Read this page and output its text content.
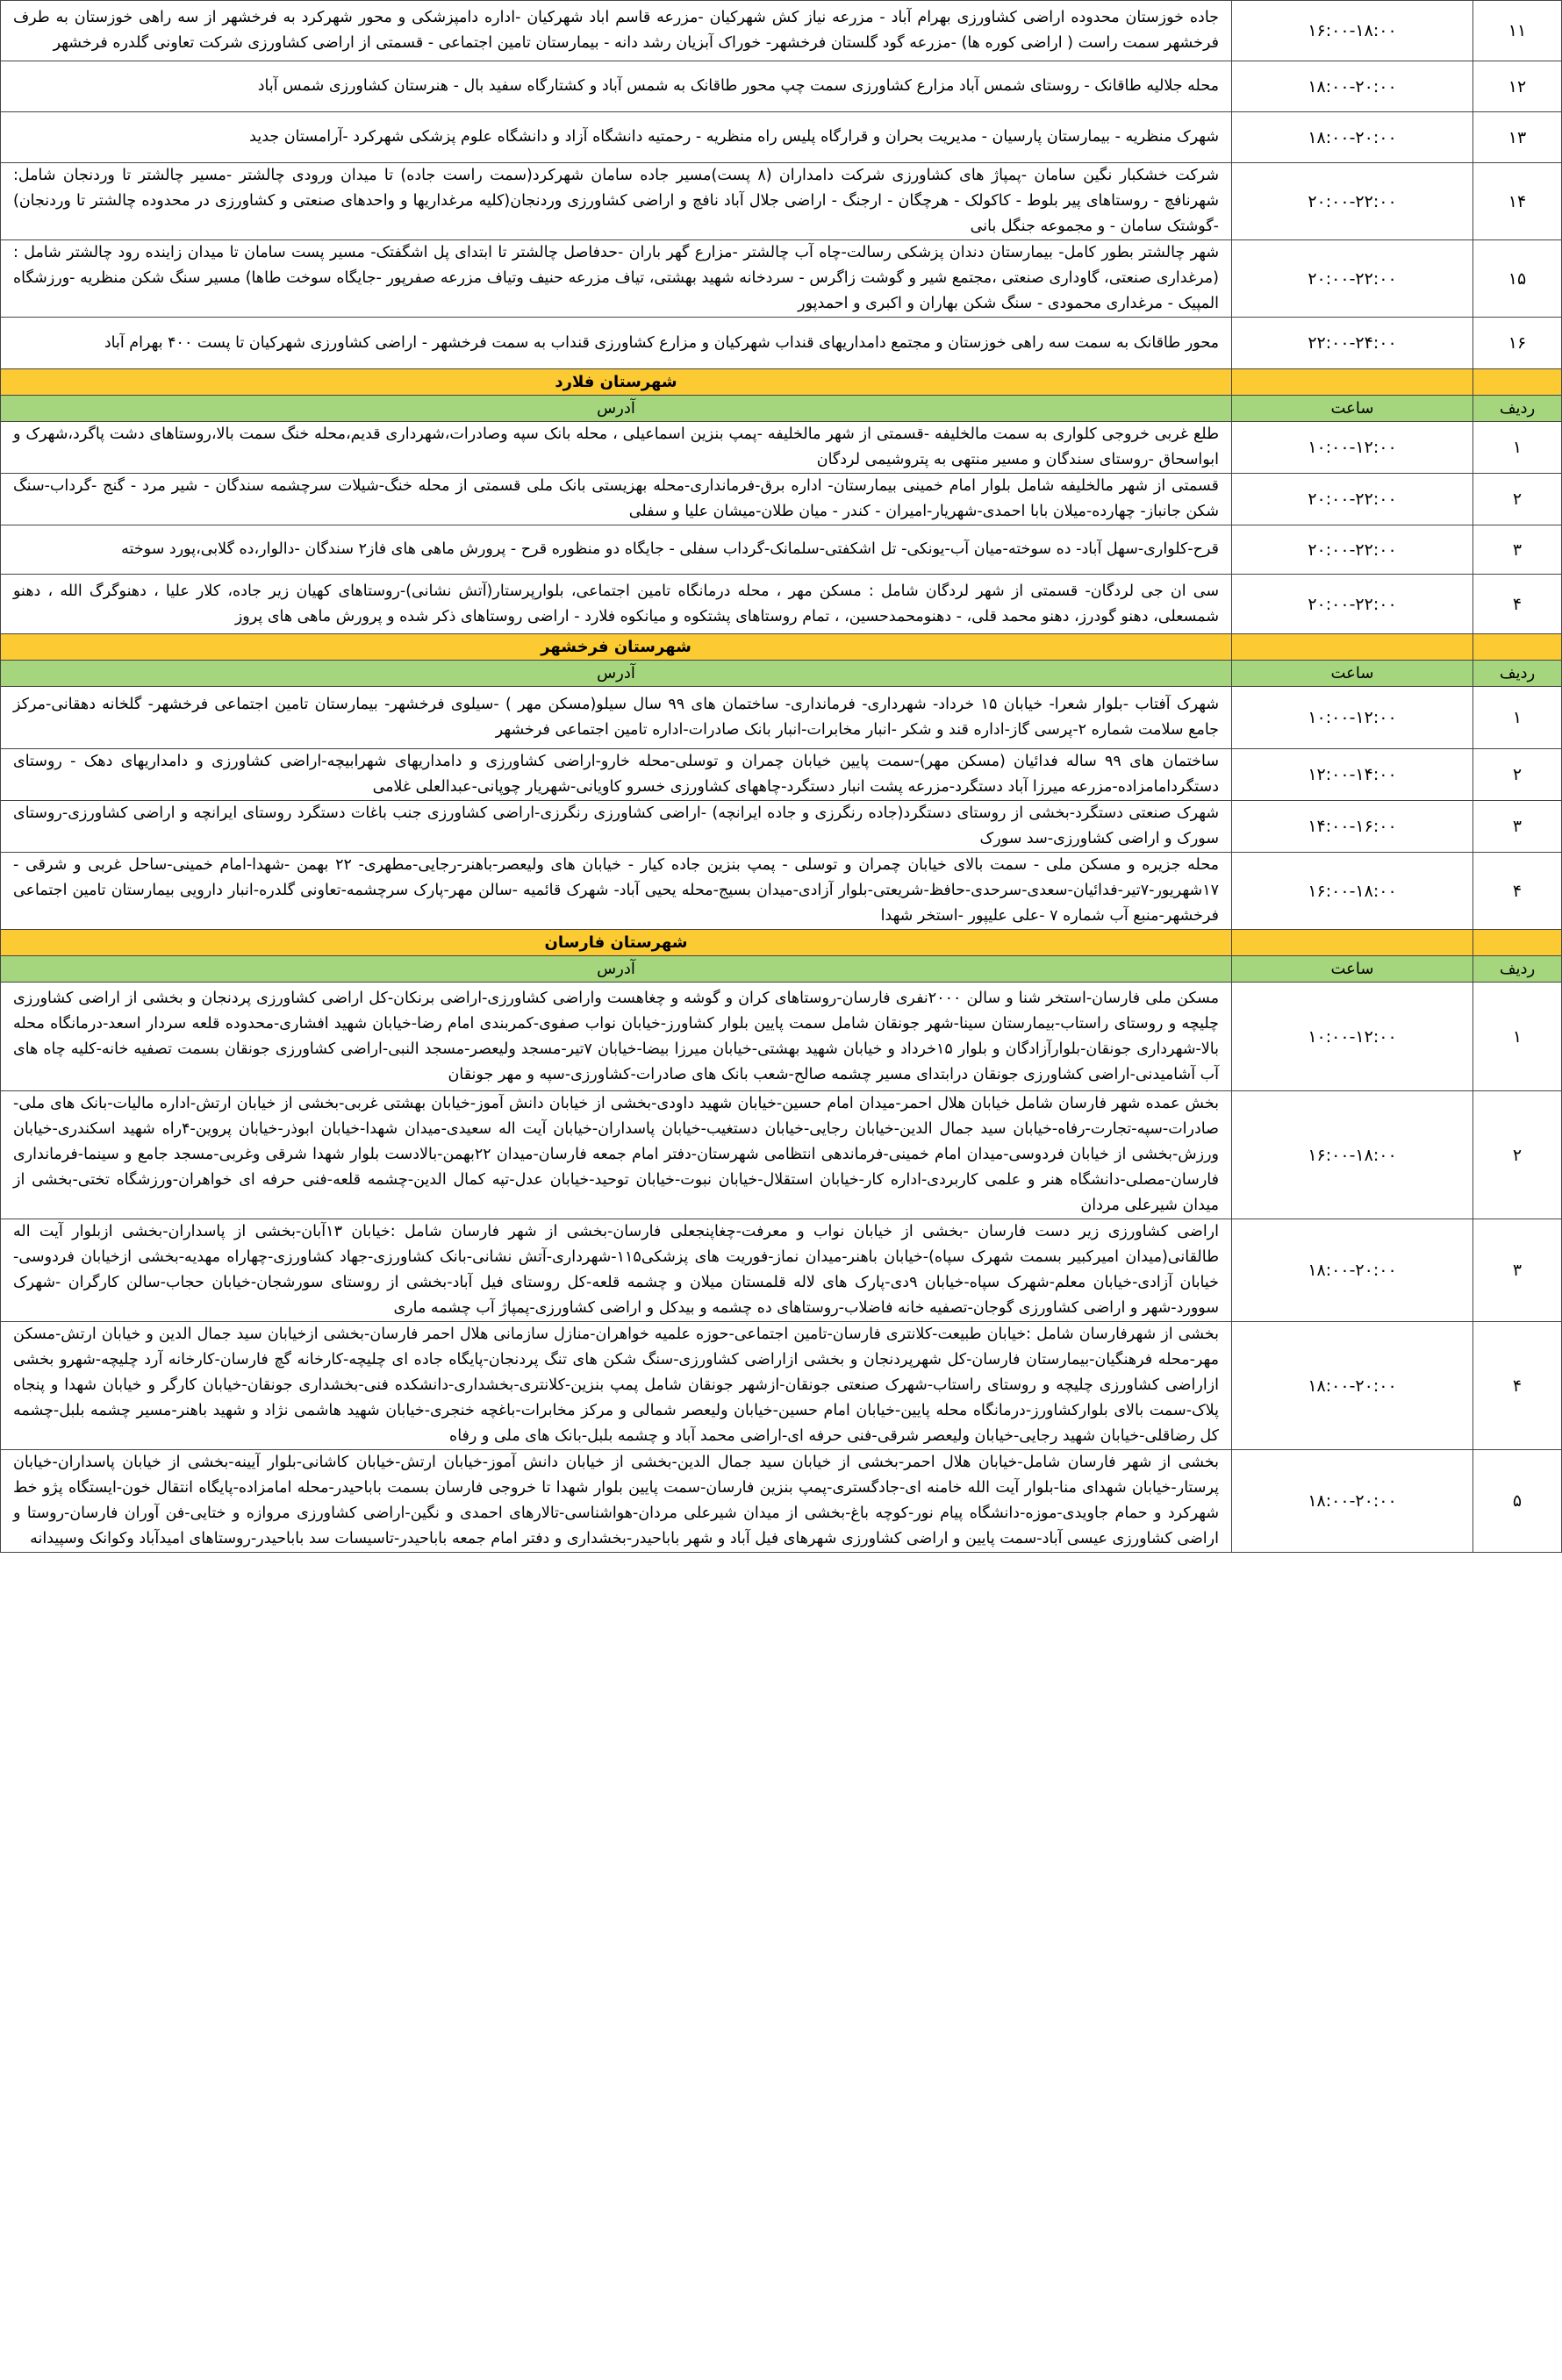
۱۱	۱۶:۰۰-۱۸:۰۰	جاده خوزستان محدوده اراضی کشاورزی بهرام آباد - مزرعه نیاز کش شهرکیان -مزرعه قاسم اباد شهرکیان -اداره دامپزشکی و محور شهرکرد به فرخشهر از سه راهی خوزستان به طرف فرخشهر سمت راست ( اراضی کوره ها) -مزرعه گود گلستان فرخشهر- خوراک آبزیان رشد دانه - بیمارستان تامین اجتماعی - قسمتی از اراضی کشاورزی شرکت تعاونی گلدره فرخشهر
۱۲	۱۸:۰۰-۲۰:۰۰	محله جلالیه طاقانک - روستای شمس آباد مزارع کشاورزی سمت چپ محور طاقانک به شمس آباد و کشتارگاه سفید بال - هنرستان کشاورزی شمس آباد
۱۳	۱۸:۰۰-۲۰:۰۰	شهرک منظریه - بیمارستان پارسیان - مدیریت بحران و قرارگاه پلیس راه منظریه - رحمتیه دانشگاه آزاد و دانشگاه علوم پزشکی شهرکرد -آرامستان جدید
۱۴	۲۰:۰۰-۲۲:۰۰	شرکت خشکبار نگین سامان -پمپاژ های کشاورزی شرکت دامداران (۸ پست)مسیر جاده سامان شهرکرد(سمت راست جاده) تا میدان ورودی چالشتر -مسیر چالشتر تا وردنجان شامل: شهرنافچ - روستاهای پیر بلوط - کاکولک - هرچگان - ارجنگ - اراضی جلال آباد نافچ و اراضی کشاورزی وردنجان(کلیه مرغداریها و واحدهای صنعتی و کشاورزی در محدوده چالشتر تا وردنجان) -گوشتک سامان - و مجموعه جنگل بانی
۱۵	۲۰:۰۰-۲۲:۰۰	شهر چالشتر بطور کامل- بیمارستان دندان پزشکی رسالت-چاه آب چالشتر -مزارع گهر باران -حدفاصل چالشتر تا ابتدای پل اشگفتک- مسیر پست سامان تا میدان زاینده رود چالشتر شامل :(مرغداری صنعتی، گاوداری صنعتی ،مجتمع شیر و گوشت زاگرس - سردخانه شهید بهشتی، تیاف مزرعه حنیف وتیاف مزرعه صفرپور -جایگاه سوخت طاها) مسیر سنگ شکن منظریه -ورزشگاه المپیک - مرغداری محمودی - سنگ شکن بهاران و اکبری و احمدپور
۱۶	۲۲:۰۰-۲۴:۰۰	محور طاقانک به سمت سه راهی خوزستان و مجتمع دامداریهای قنداب شهرکیان و مزارع کشاورزی قنداب به سمت فرخشهر - اراضی کشاورزی شهرکیان تا پست ۴۰۰ بهرام آباد
		شهرستان فلارد
ردیف	ساعت	آدرس
۱	۱۰:۰۰-۱۲:۰۰	طلع غربی خروجی کلواری به سمت مالخلیفه -قسمتی از شهر مالخلیفه -پمپ بنزین اسماعیلی ، محله بانک سپه وصادرات،شهرداری قدیم،محله خنگ سمت بالا،روستاهای دشت پاگرد،شهرک و ابواسحاق -روستای سندگان و مسیر منتهی به پتروشیمی لردگان
۲	۲۰:۰۰-۲۲:۰۰	قسمتی از شهر مالخلیفه شامل بلوار امام خمینی بیمارستان- اداره برق-فرمانداری-محله بهزیستی بانک ملی قسمتی از محله خنگ-شیلات سرچشمه سندگان - شیر مرد - گنج -گرداب-سنگ شکن جانباز- چهارده-میلان بابا احمدی-شهریار-امیران - کندر - میان طلان-میشان علیا و سفلی
۳	۲۰:۰۰-۲۲:۰۰	قرح-کلواری-سهل آباد- ده سوخته-میان آب-یونکی- تل اشکفتی-سلمانک-گرداب سفلی - جایگاه دو منظوره قرح - پرورش ماهی های فاز۲ سندگان -دالوار،ده گلابی،پورد سوخته
۴	۲۰:۰۰-۲۲:۰۰	سی ان جی لردگان- قسمتی از شهر لردگان شامل : مسکن مهر ، محله درمانگاه تامین اجتماعی، بلوارپرستار(آتش نشانی)-روستاهای کهیان زیر جاده، کلار علیا ، دهنوگرگ الله ، دهنو شمسعلی، دهنو گودرز، دهنو محمد قلی، - دهنومحمدحسین، ، تمام روستاهای پشتکوه و میانکوه فلارد - اراضی روستاهای ذکر شده و پرورش ماهی های پروز
		شهرستان فرخشهر
ردیف	ساعت	آدرس
۱	۱۰:۰۰-۱۲:۰۰	شهرک آفتاب -بلوار شعرا- خیابان ۱۵ خرداد- شهرداری- فرمانداری- ساختمان های ۹۹ سال سیلو(مسکن مهر ) -سیلوی فرخشهر- بیمارستان تامین اجتماعی فرخشهر- گلخانه دهقانی-مرکز جامع سلامت شماره ۲-پرسی گاز-اداره قند و شکر -انبار مخابرات-انبار بانک صادرات-اداره تامین اجتماعی فرخشهر
۲	۱۲:۰۰-۱۴:۰۰	ساختمان های ۹۹ ساله فدائیان (مسکن مهر)-سمت پایین خیابان چمران و توسلی-محله خارو-اراضی کشاورزی و دامداریهای شهرابیچه-اراضی کشاورزی و دامداریهای دهک - روستای دستگردامامزاده-مزرعه میرزا آباد دستگرد-مزرعه پشت انبار دستگرد-چاههای کشاورزی خسرو کاویانی-شهریار چوپانی-عبدالعلی غلامی
۳	۱۴:۰۰-۱۶:۰۰	شهرک صنعتی دستگرد-بخشی از روستای دستگرد(جاده رنگرزی و جاده ایرانچه) -اراضی کشاورزی رنگرزی-اراضی کشاورزی جنب باغات دستگرد روستای ایرانچه و اراضی کشاورزی-روستای سورک و اراضی کشاورزی-سد سورک
۴	۱۶:۰۰-۱۸:۰۰	محله جزیره و مسکن ملی - سمت بالای خیابان چمران و توسلی - پمپ بنزین جاده کیار - خیابان های ولیعصر-باهنر-رجایی-مطهری- ۲۲ بهمن -شهدا-امام خمینی-ساحل غربی و شرقی - ۱۷شهریور-۷تیر-فدائیان-سعدی-سرحدی-حافظ-شریعتی-بلوار آزادی-میدان بسیج-محله یحیی آباد- شهرک قائمیه -سالن مهر-پارک سرچشمه-تعاونی گلدره-انبار دارویی بیمارستان تامین اجتماعی فرخشهر-منبع آب شماره ۷ -علی علیپور -استخر شهدا
		شهرستان فارسان
ردیف	ساعت	آدرس
۱	۱۰:۰۰-۱۲:۰۰	مسکن ملی فارسان-استخر شنا و سالن ۲۰۰۰نفری فارسان-روستاهای کران و گوشه و چغاهست واراضی کشاورزی-اراضی برنکان-کل اراضی کشاورزی پردنجان و بخشی از اراضی کشاورزی چلیچه و روستای راستاب-بیمارستان سینا-شهر جونقان شامل سمت پایین بلوار کشاورز-خیابان نواب صفوی-کمربندی امام رضا-خیابان شهید افشاری-محدوده قلعه سردار اسعد-درمانگاه محله بالا-شهرداری جونقان-بلوارآزادگان و بلوار ۱۵خرداد و خیابان شهید بهشتی-خیابان میرزا بیضا-خیابان ۷تیر-مسجد ولیعصر-مسجد النبی-اراضی کشاورزی جونقان بسمت تصفیه خانه-کلیه چاه های آب آشامیدنی-اراضی کشاورزی جونقان درابتدای مسیر چشمه صالح-شعب بانک های صادرات-کشاورزی-سپه و مهر جونقان
۲	۱۶:۰۰-۱۸:۰۰	بخش عمده شهر فارسان شامل خیابان هلال احمر-میدان امام حسین-خیابان شهید داودی-بخشی از خیابان دانش آموز-خیابان بهشتی غربی-بخشی از خیابان ارتش-اداره مالیات-بانک های ملی-صادرات-سپه-تجارت-رفاه-خیابان سید جمال الدین-خیابان رجایی-خیابان دستغیب-خیابان پاسداران-خیابان آیت اله سعیدی-میدان شهدا-خیابان ابوذر-خیابان پروین-۴راه شهید اسکندری-خیابان ورزش-بخشی از خیابان فردوسی-میدان امام خمینی-فرماندهی انتظامی شهرستان-دفتر امام جمعه فارسان-میدان ۲۲بهمن-بالادست بلوار شهدا شرقی وغربی-مسجد جامع و سینما-فرمانداری فارسان-مصلی-دانشگاه هنر و علمی کاربردی-اداره کار-خیابان استقلال-خیابان نبوت-خیابان توحید-خیابان عدل-تپه کمال الدین-چشمه قلعه-فنی حرفه ای خواهران-ورزشگاه تختی-بخشی از میدان شیرعلی مردان
۳	۱۸:۰۰-۲۰:۰۰	اراضی کشاورزی زیر دست فارسان -بخشی از خیابان نواب و معرفت-چغاپنجعلی فارسان-بخشی از شهر فارسان شامل :خیابان ۱۳آبان-بخشی از پاسداران-بخشی ازبلوار آیت اله طالقانی(میدان امیرکبیر بسمت شهرک سپاه)-خیابان باهنر-میدان نماز-فوریت های پزشکی۱۱۵-شهرداری-آتش نشانی-بانک کشاورزی-جهاد کشاورزی-چهاراه مهدیه-بخشی ازخیابان فردوسی-خیابان آزادی-خیابان معلم-شهرک سپاه-خیابان ۹دی-پارک های لاله قلمستان میلان و چشمه قلعه-کل روستای فیل آباد-بخشی از روستای سورشجان-خیابان حجاب-سالن کارگران -شهرک سوورد-شهر و اراضی کشاورزی گوجان-تصفیه خانه فاضلاب-روستاهای ده چشمه و بیدکل و اراضی کشاورزی-پمپاژ آب چشمه ماری
۴	۱۸:۰۰-۲۰:۰۰	بخشی از شهرفارسان شامل :خیابان طبیعت-کلانتری فارسان-تامین اجتماعی-حوزه علمیه خواهران-منازل سازمانی هلال احمر فارسان-بخشی ازخیابان سید جمال الدین و خیابان ارتش-مسکن مهر-محله فرهنگیان-بیمارستان فارسان-کل شهرپردنجان و بخشی ازاراضی کشاورزی-سنگ شکن های تنگ پردنجان-پایگاه جاده ای چلیچه-کارخانه گچ فارسان-کارخانه آرد چلیچه-شهرو بخشی ازاراضی کشاورزی چلیچه و روستای راستاب-شهرک صنعتی جونقان-ازشهر جونقان شامل پمپ بنزین-کلانتری-بخشداری-دانشکده فنی-بخشداری جونقان-خیابان کارگر و خیابان شهدا و پنجاه پلاک-سمت بالای بلوارکشاورز-درمانگاه محله پایین-خیابان امام حسین-خیابان ولیعصر شمالی و مرکز مخابرات-باغچه خنجری-خیابان شهید هاشمی نژاد و شهید باهنر-مسیر چشمه بلبل-چشمه کل رضاقلی-خیابان شهید رجایی-خیابان ولیعصر شرقی-فنی حرفه ای-اراضی محمد آباد و چشمه بلبل-بانک های ملی و رفاه
۵	۱۸:۰۰-۲۰:۰۰	بخشی از شهر فارسان شامل-خیابان هلال احمر-بخشی از خیابان سید جمال الدین-بخشی از خیابان دانش آموز-خیابان ارتش-خیابان کاشانی-بلوار آیینه-بخشی از خیابان پاسداران-خیابان پرستار-خیابان شهدای منا-بلوار آیت الله خامنه ای-جادگستری-پمپ بنزین فارسان-سمت پایین بلوار شهدا تا خروجی فارسان بسمت باباحیدر-محله امامزاده-پایگاه انتقال خون-ایستگاه پژو خط شهرکرد و حمام جاویدی-موزه-دانشگاه پیام نور-کوچه باغ-بخشی از میدان شیرعلی مردان-هواشناسی-تالارهای احمدی و نگین-اراضی کشاورزی مروازه و ختایی-فن آوران فارسان-روستا و اراضی کشاورزی عیسی آباد-سمت پایین و اراضی کشاورزی شهرهای فیل آباد و شهر باباحیدر-بخشداری و دفتر امام جمعه باباحیدر-تاسیسات سد باباحیدر-روستاهای امیدآباد وکوانک وسپیدانه
